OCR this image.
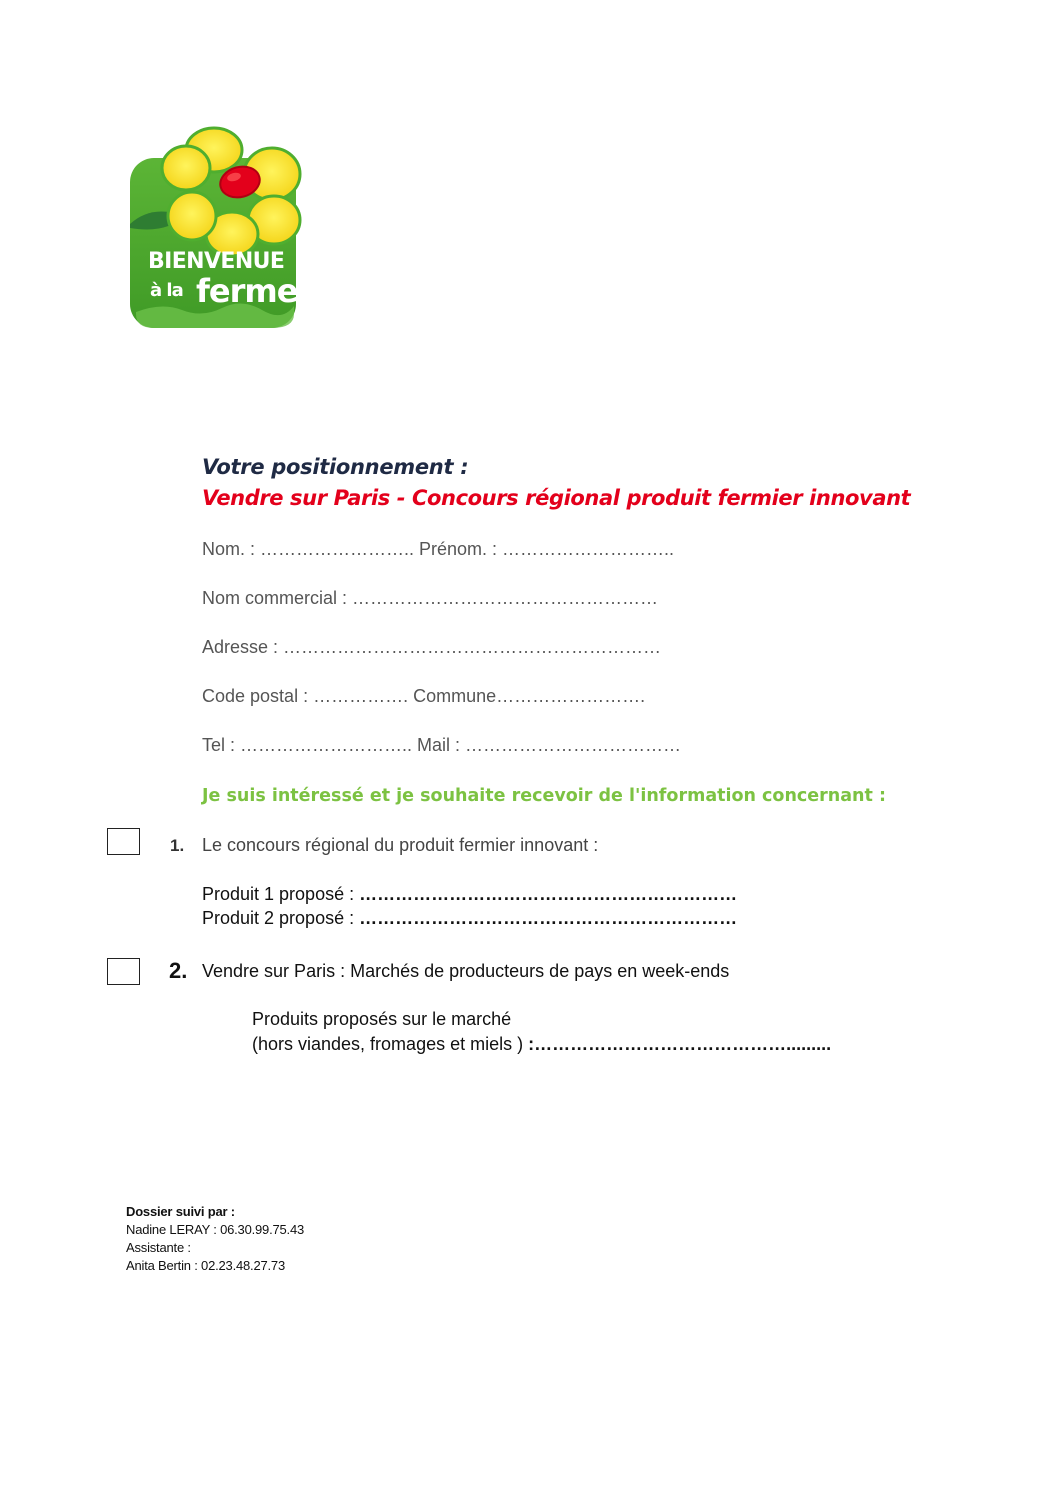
BIENVENUE
à la ferme
Votre positionnement :
Vendre sur Paris - Concours régional produit fermier innovant
Nom. : …………………….. Prénom. : ………………………..
Nom commercial : ……………………………………………
Adresse : ………………………………………………………
Code postal : ……………. Commune…………………….
Tel : ……………………….. Mail : ………………………………
Je suis intéressé et je souhaite recevoir de l'information concernant :
1. Le concours régional du produit fermier innovant :
Produit 1 proposé : ………………………………………………………
Produit 2 proposé : ………………………………………………………
2. Vendre sur Paris : Marchés de producteurs de pays en week-ends
Produits proposés sur le marché
(hors viandes, fromages et miels ) :…………………………………….........
Dossier suivi par :
Nadine LERAY : 06.30.99.75.43
Assistante :
Anita Bertin : 02.23.48.27.73
